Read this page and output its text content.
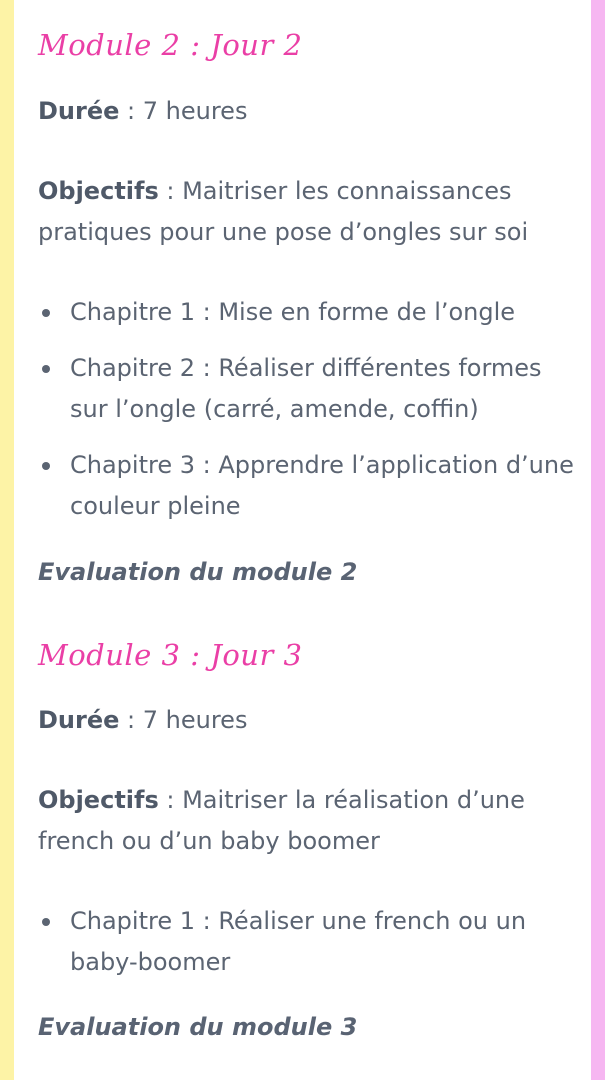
Module 2 : Jour 2

Durée : 7 heures

Objectifs : Maitriser les connaissances pratiques pour une pose d’ongles sur soi

Chapitre 1 : Mise en forme de l’ongle
Chapitre 2 : Réaliser différentes formes sur l’ongle (carré, amende, coffin)
Chapitre 3 : Apprendre l’application d’une couleur pleine

Evaluation du module 2

Module 3 : Jour 3

Durée : 7 heures

Objectifs : Maitriser la réalisation d’une french ou d’un baby boomer

Chapitre 1 : Réaliser une french ou un baby-boomer

Evaluation du module 3
